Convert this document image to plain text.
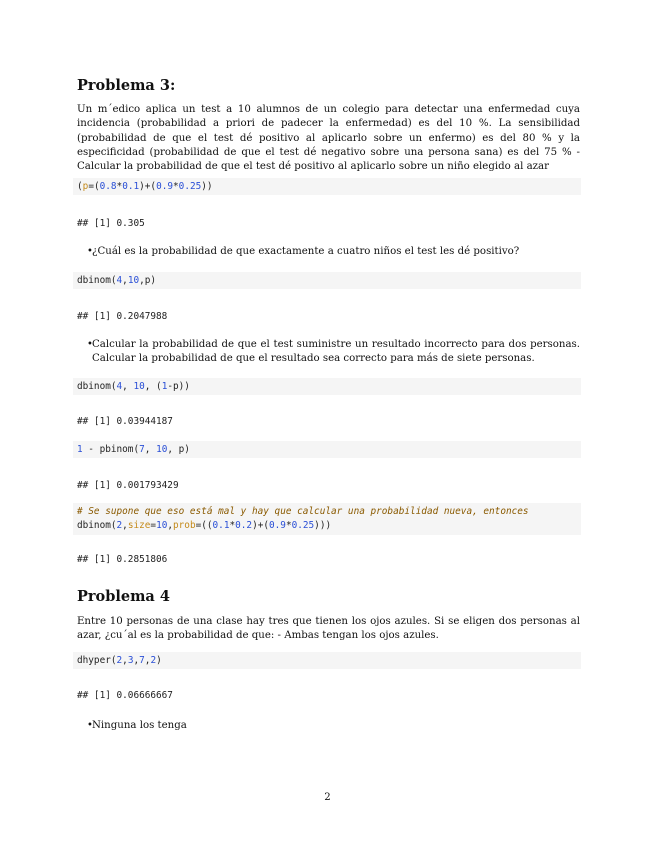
Problema 3:

Un m´edico aplica un test a 10 alumnos de un colegio para detectar una enfermedad cuya incidencia (probabilidad a priori de padecer la enfermedad) es del 10 %. La sensibilidad (probabilidad de que el test dé positivo al aplicarlo sobre un enfermo) es del 80 % y la especificidad (probabilidad de que el test dé negativo sobre una persona sana) es del 75 % - Calcular la probabilidad de que el test dé positivo al aplicarlo sobre un niño elegido al azar

(p=(0.8*0.1)+(0.9*0.25))
## [1] 0.305
• ¿Cuál es la probabilidad de que exactamente a cuatro niños el test les dé positivo?
dbinom(4,10,p)
## [1] 0.2047988
• Calcular la probabilidad de que el test suministre un resultado incorrecto para dos personas. Calcular la probabilidad de que el resultado sea correcto para más de siete personas.
dbinom(4, 10, (1-p))
## [1] 0.03944187
1 - pbinom(7, 10, p)
## [1] 0.001793429
# Se supone que eso está mal y hay que calcular una probabilidad nueva, entonces
dbinom(2,size=10,prob=((0.1*0.2)+(0.9*0.25)))
## [1] 0.2851806
Problema 4

Entre 10 personas de una clase hay tres que tienen los ojos azules. Si se eligen dos personas al azar, ¿cu´al es la probabilidad de que: - Ambas tengan los ojos azules.

dhyper(2,3,7,2)
## [1] 0.06666667
• Ninguna los tenga
2
